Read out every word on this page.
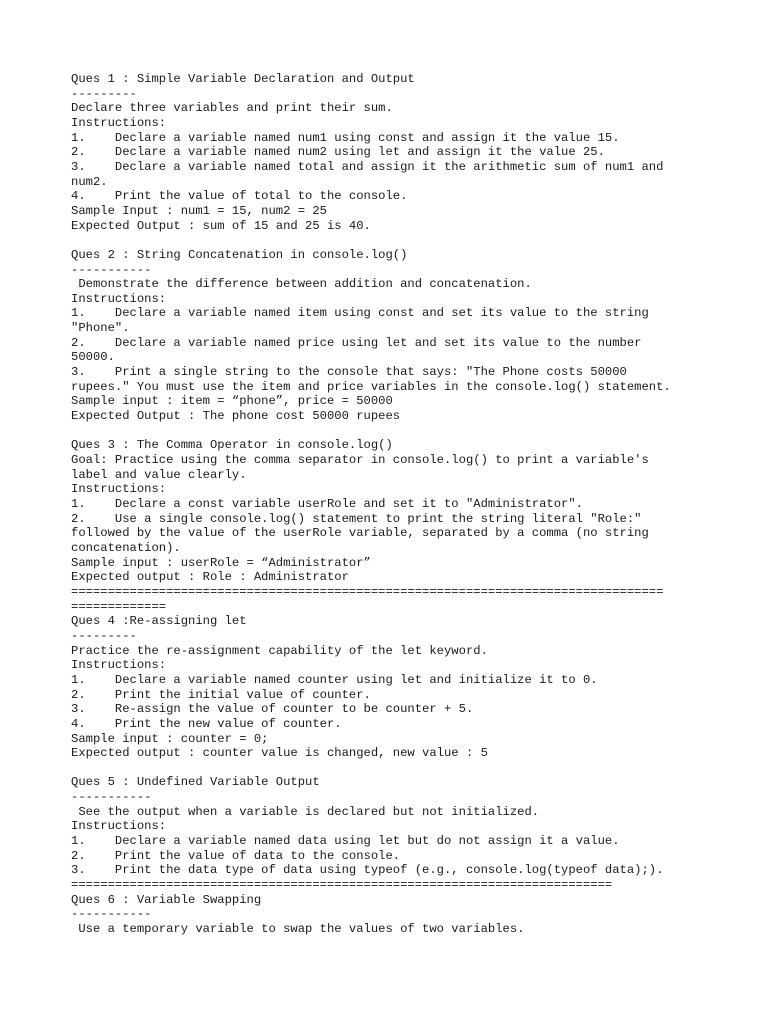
Ques 1 : Simple Variable Declaration and Output
---------
Declare three variables and print their sum.
Instructions:
1.    Declare a variable named num1 using const and assign it the value 15.
2.    Declare a variable named num2 using let and assign it the value 25.
3.    Declare a variable named total and assign it the arithmetic sum of num1 and
num2.
4.    Print the value of total to the console.
Sample Input : num1 = 15, num2 = 25
Expected Output : sum of 15 and 25 is 40.
Ques 2 : String Concatenation in console.log()
-----------
Demonstrate the difference between addition and concatenation.
Instructions:
1.    Declare a variable named item using const and set its value to the string
"Phone".
2.    Declare a variable named price using let and set its value to the number
50000.
3.    Print a single string to the console that says: "The Phone costs 50000
rupees." You must use the item and price variables in the console.log() statement.
Sample input : item = “phone”, price = 50000
Expected Output : The phone cost 50000 rupees
Ques 3 : The Comma Operator in console.log()
Goal: Practice using the comma separator in console.log() to print a variable's
label and value clearly.
Instructions:
1.    Declare a const variable userRole and set it to "Administrator".
2.    Use a single console.log() statement to print the string literal "Role:"
followed by the value of the userRole variable, separated by a comma (no string
concatenation).
Sample input : userRole = “Administrator”
Expected output : Role : Administrator
=================================================================================
=============
Ques 4 :Re-assigning let
---------
Practice the re-assignment capability of the let keyword.
Instructions:
1.    Declare a variable named counter using let and initialize it to 0.
2.    Print the initial value of counter.
3.    Re-assign the value of counter to be counter + 5.
4.    Print the new value of counter.
Sample input : counter = 0;
Expected output : counter value is changed, new value : 5
Ques 5 : Undefined Variable Output
-----------
See the output when a variable is declared but not initialized.
Instructions:
1.    Declare a variable named data using let but do not assign it a value.
2.    Print the value of data to the console.
3.    Print the data type of data using typeof (e.g., console.log(typeof data);).
==========================================================================
Ques 6 : Variable Swapping
-----------
Use a temporary variable to swap the values of two variables.
